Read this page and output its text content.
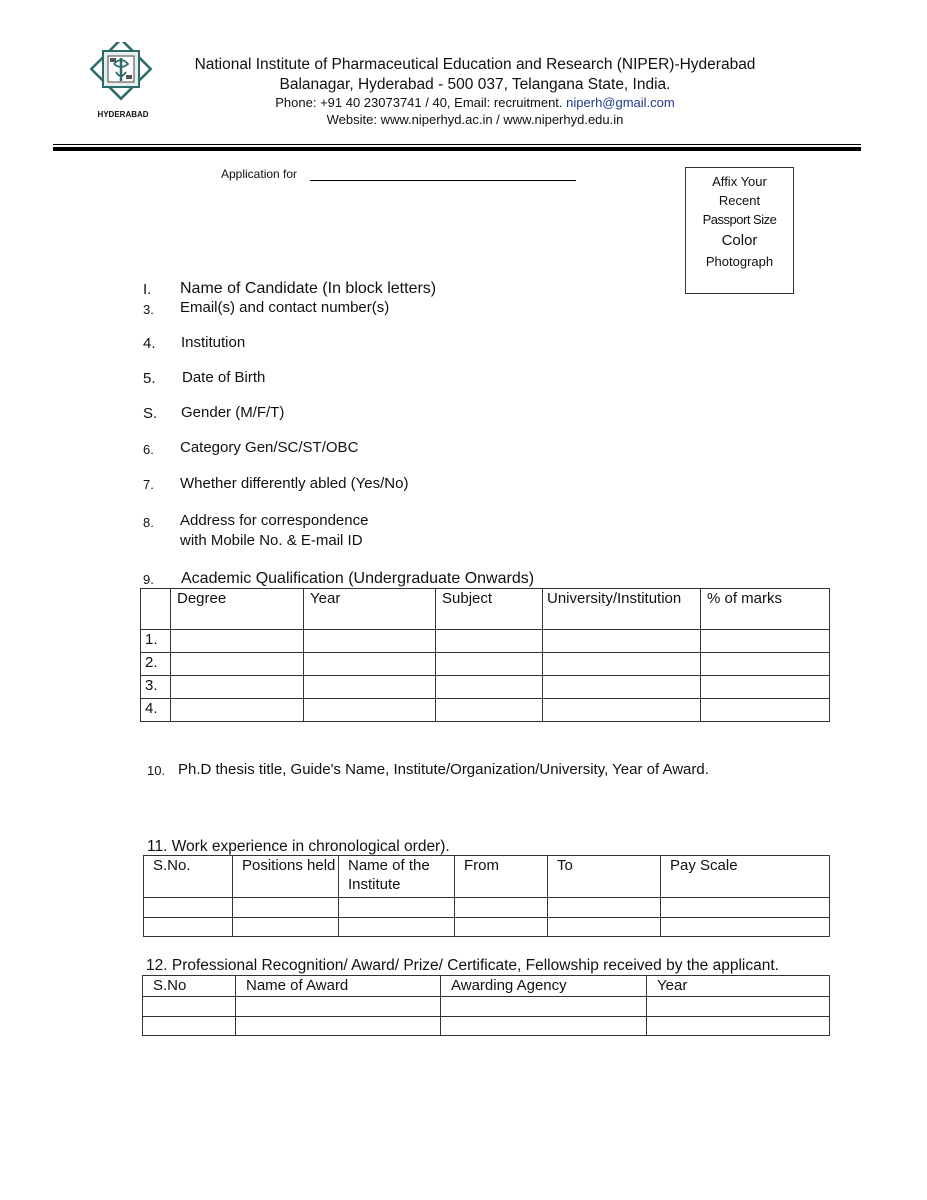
HYDERABAD
National Institute of Pharmaceutical Education and Research (NIPER)-Hyderabad
Balanagar, Hyderabad - 500 037, Telangana State, India.
Phone: +91 40 23073741 / 40, Email: recruitment. niperh@gmail.com
Website: www.niperhyd.ac.in / www.niperhyd.edu.in
Application for	Affix Your
Recent
Passport Size
Color
Photograph
I. Name of Candidate (In block letters)
3. Email(s) and contact number(s)
4. Institution
5. Date of Birth
S. Gender (M/F/T)
6. Category Gen/SC/ST/OBC
7. Whether differently abled (Yes/No)
8. Address for correspondence
with Mobile No. & E-mail ID
9. Academic Qualification (Undergraduate Onwards)
	Degree	Year	Subject	University/Institution	% of marks
1.					
2.					
3.					
4.					
10. Ph.D thesis title, Guide's Name, Institute/Organization/University, Year of Award.
11. Work experience in chronological order).
S.No.	Positions held	Name of the Institute	From	To	Pay Scale

12. Professional Recognition/ Award/ Prize/ Certificate, Fellowship received by the applicant.
S.No	Name of Award	Awarding Agency	Year
